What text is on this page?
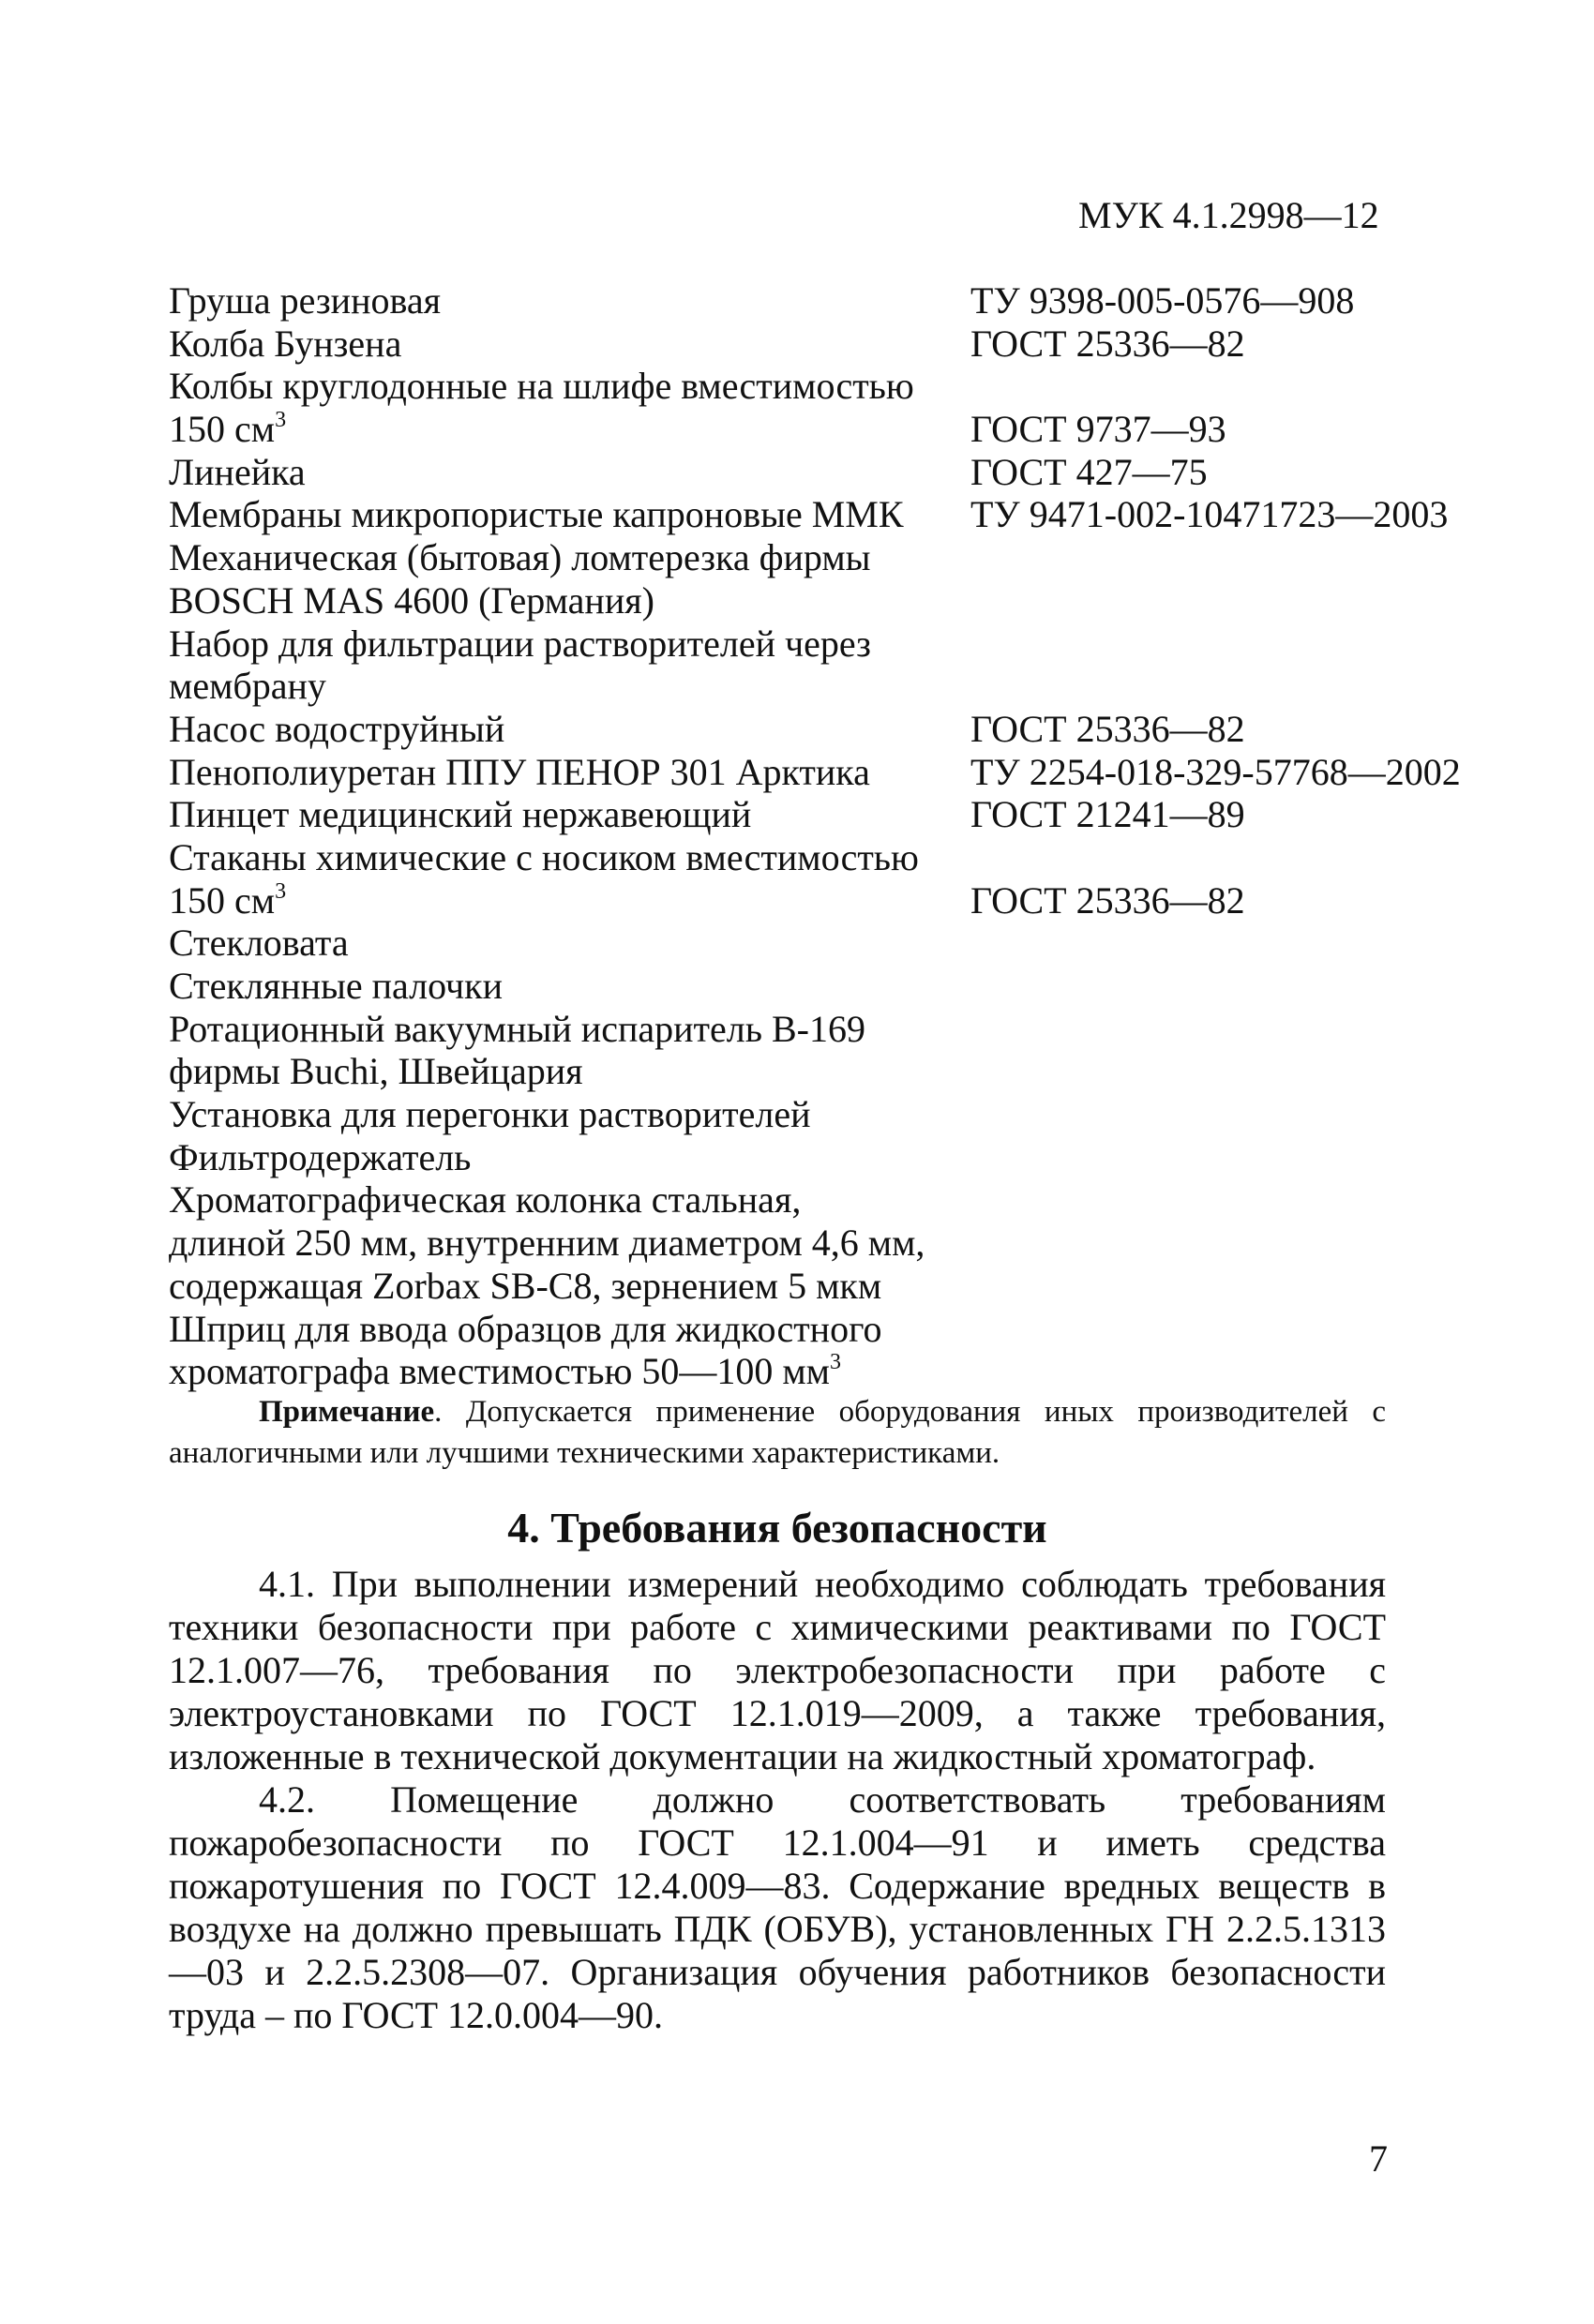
МУК 4.1.2998—12
Груша резиновая	ТУ 9398-005-0576—908
Колба Бунзена	ГОСТ 25336—82
Колбы круглодонные на шлифе вместимостью
150 $см^3$	ГОСТ 9737—93
Линейка	ГОСТ 427—75
Мембраны микропористые капроновые ММК ТУ 9471-002-10471723—2003
Механическая (бытовая) ломтерезка фирмы
BOSCH MAS 4600 (Германия)
Набор для фильтрации растворителей через
мембрану
Насос водоструйный	ГОСТ 25336—82
Пенополиуретан ППУ ПЕНОР 301 Арктика	ТУ 2254-018-329-57768—2002
Пинцет медицинский нержавеющий	ГОСТ 21241—89
Стаканы химические с носиком вместимостью
150 $см^3$	ГОСТ 25336—82
Стекловата
Стеклянные палочки
Ротационный вакуумный испаритель В-169
фирмы Buchi, Швейцария
Установка для перегонки растворителей
Фильтродержатель
Хроматографическая колонка стальная,
длиной 250 мм, внутренним диаметром 4,6 мм,
содержащая Zorbax SB-C8, зернением 5 мкм
Шприц для ввода образцов для жидкостного
хроматографа вместимостью 50—100 $мм^3$
Примечание. Допускается применение оборудования иных производителей с аналогичными или лучшими техническими характеристиками.
4. Требования безопасности

4.1. При выполнении измерений необходимо соблюдать требования техники безопасности при работе с химическими реактивами по ГОСТ 12.1.007—76, требования по электробезопасности при работе с электроустановками по ГОСТ 12.1.019—2009, а также требования, изложенные в технической документации на жидкостный хроматограф.

4.2. Помещение должно соответствовать требованиям пожаробезопасности по ГОСТ 12.1.004—91 и иметь средства пожаротушения по ГОСТ 12.4.009—83. Содержание вредных веществ в воздухе на должно превышать ПДК (ОБУВ), установленных ГН 2.2.5.1313—03 и 2.2.5.2308—07. Организация обучения работников безопасности труда – по ГОСТ 12.0.004—90.

7
